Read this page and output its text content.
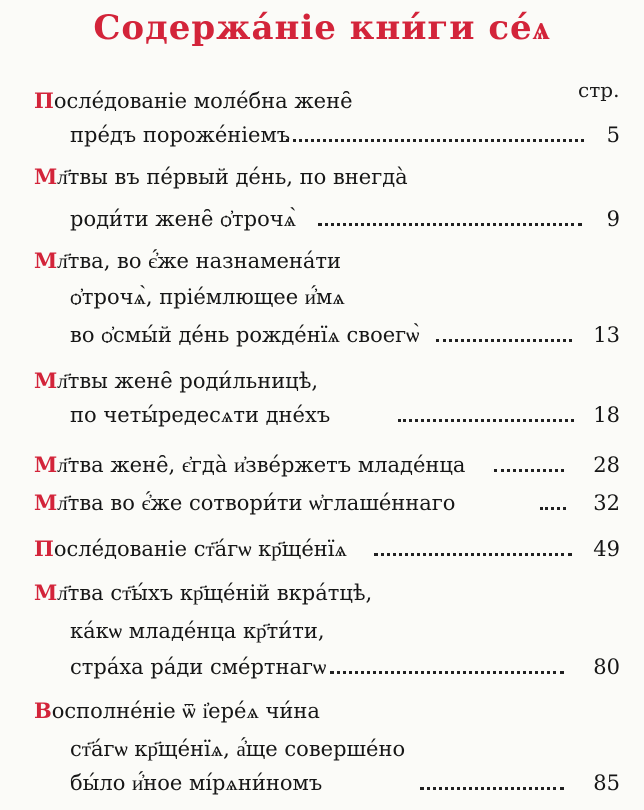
Содержа́ніе кни́ги се́ѧ
стр.
После́дованіе моле́бна жене̑
пре́дъ пороже́ніемъ	5
Мл҃твы въ пе́рвый де́нь, по внегда̀
роди́ти жене̑ ѻ҆трочѧ̀	9
Мл҃тва, во є҆́же назнамена́ти
ѻ҆трочѧ̀, пріе́млющее и҆́мѧ
во ѻ҆смы́й де́нь рожде́нїѧ своегѡ̀	13
Мл҃твы жене̑ роди́льницѣ,
по четы́редесѧти дне́хъ	18
Мл҃тва жене̑, є҆гда̀ и҆зве́ржетъ младе́нца	28
Мл҃тва во є҆́же сотвори́ти ѡ҆глаше́ннаго	32
После́дованіе ст҃а́гѡ кр҃ще́нїѧ	49
Мл҃тва ст҃ы́хъ кр҃ще́ній вкра́тцѣ,
ка́кѡ младе́нца кр҃ти́ти,
стра́ха ра́ди сме́ртнагѡ	80
Восполне́ніе ѿ і҆ере́ѧ чи́на
ст҃а́гѡ кр҃ще́нїѧ, а҆́ще соверше́но
бы́ло и҆́ное мі́рѧни́номъ	85
